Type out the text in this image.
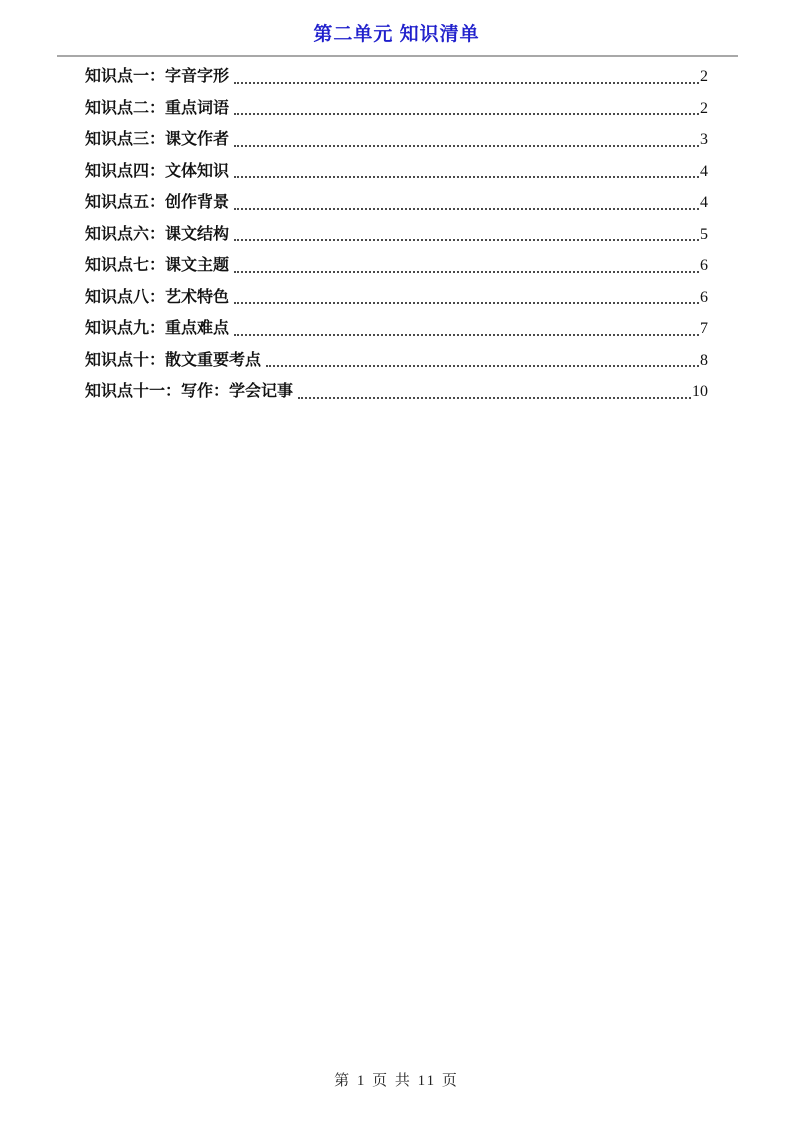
第二单元 知识清单
知识点一：字音字形	2
知识点二：重点词语	2
知识点三：课文作者	3
知识点四：文体知识	4
知识点五：创作背景	4
知识点六：课文结构	5
知识点七：课文主题	6
知识点八：艺术特色	6
知识点九：重点难点	7
知识点十：散文重要考点	8
知识点十一：写作：学会记事	10
第 1 页 共 11 页
